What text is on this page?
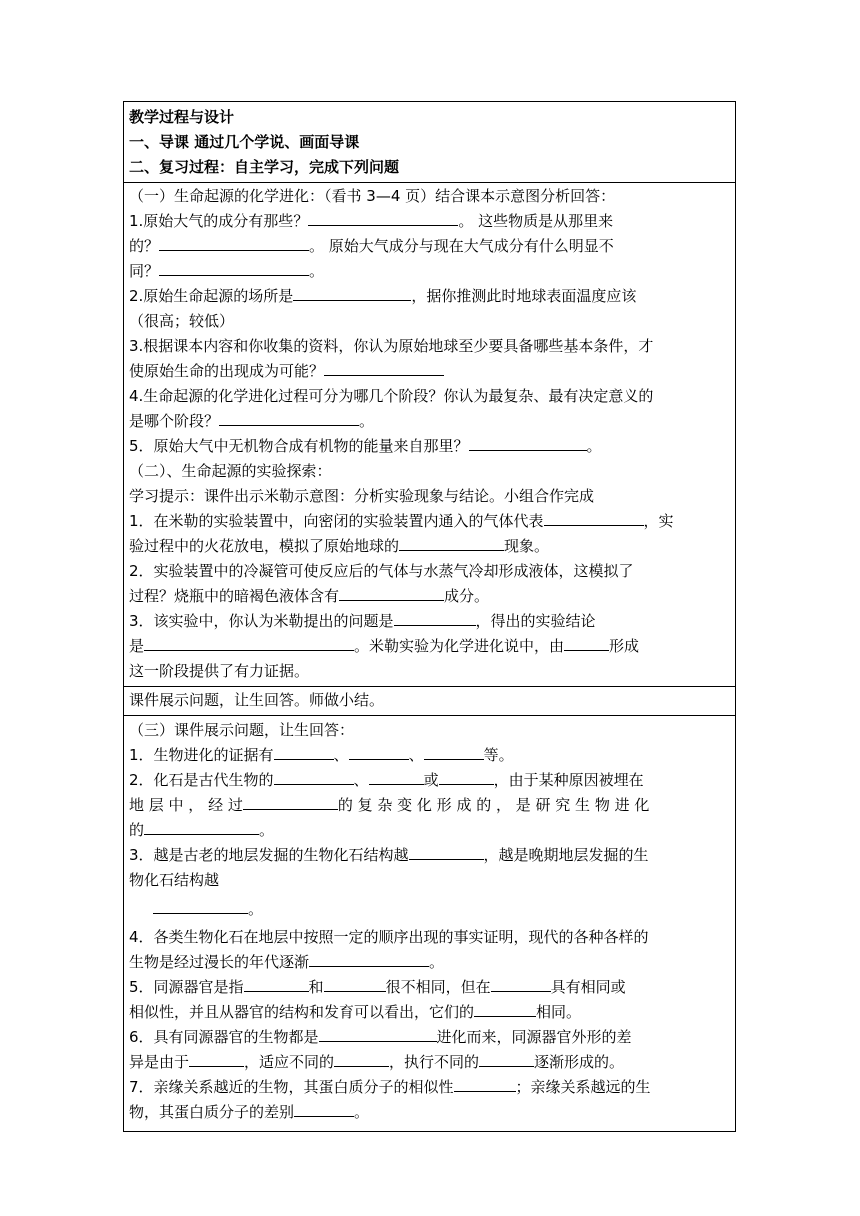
教学过程与设计
一、导课 通过几个学说、画面导课
二、复习过程：自主学习，完成下列问题
（一）生命起源的化学进化：（看书 3—4 页）结合课本示意图分析回答：
1.原始大气的成分有那些？	。 这些物质是从那里来
的？	。 原始大气成分与现在大气成分有什么明显不
同？	。
2.原始生命起源的场所是	，据你推测此时地球表面温度应该
（很高；较低）
3.根据课本内容和你收集的资料，你认为原始地球至少要具备哪些基本条件，才
使原始生命的出现成为可能？
4.生命起源的化学进化过程可分为哪几个阶段？你认为最复杂、最有决定意义的
是哪个阶段？	。
5．原始大气中无机物合成有机物的能量来自那里？	。
（二）、生命起源的实验探索：
学习提示：课件出示米勒示意图：分析实验现象与结论。小组合作完成
1．在米勒的实验装置中，向密闭的实验装置内通入的气体代表	，实
验过程中的火花放电，模拟了原始地球的	现象。
2．实验装置中的冷凝管可使反应后的气体与水蒸气冷却形成液体，这模拟了
过程？烧瓶中的暗褐色液体含有	成分。
3．该实验中，你认为米勒提出的问题是	，得出的实验结论
是	。米勒实验为化学进化说中，由	形成
这一阶段提供了有力证据。
课件展示问题，让生回答。师做小结。
（三）课件展示问题，让生回答：
1．生物进化的证据有	、	、	等。
2．化石是古代生物的	、	或	，由于某种原因被埋在
地 层 中 ， 经 过	的 复 杂 变 化 形 成 的 ， 是 研 究 生 物 进 化
的	。
3．越是古老的地层发掘的生物化石结构越	，越是晚期地层发掘的生
物化石结构越
。
4．各类生物化石在地层中按照一定的顺序出现的事实证明，现代的各种各样的
生物是经过漫长的年代逐渐	。
5．同源器官是指	和	很不相同，但在	具有相同或
相似性，并且从器官的结构和发育可以看出，它们的	相同。
6．具有同源器官的生物都是	进化而来，同源器官外形的差
异是由于	，适应不同的	，执行不同的	逐渐形成的。
7．亲缘关系越近的生物，其蛋白质分子的相似性	；亲缘关系越远的生
物，其蛋白质分子的差别	。
